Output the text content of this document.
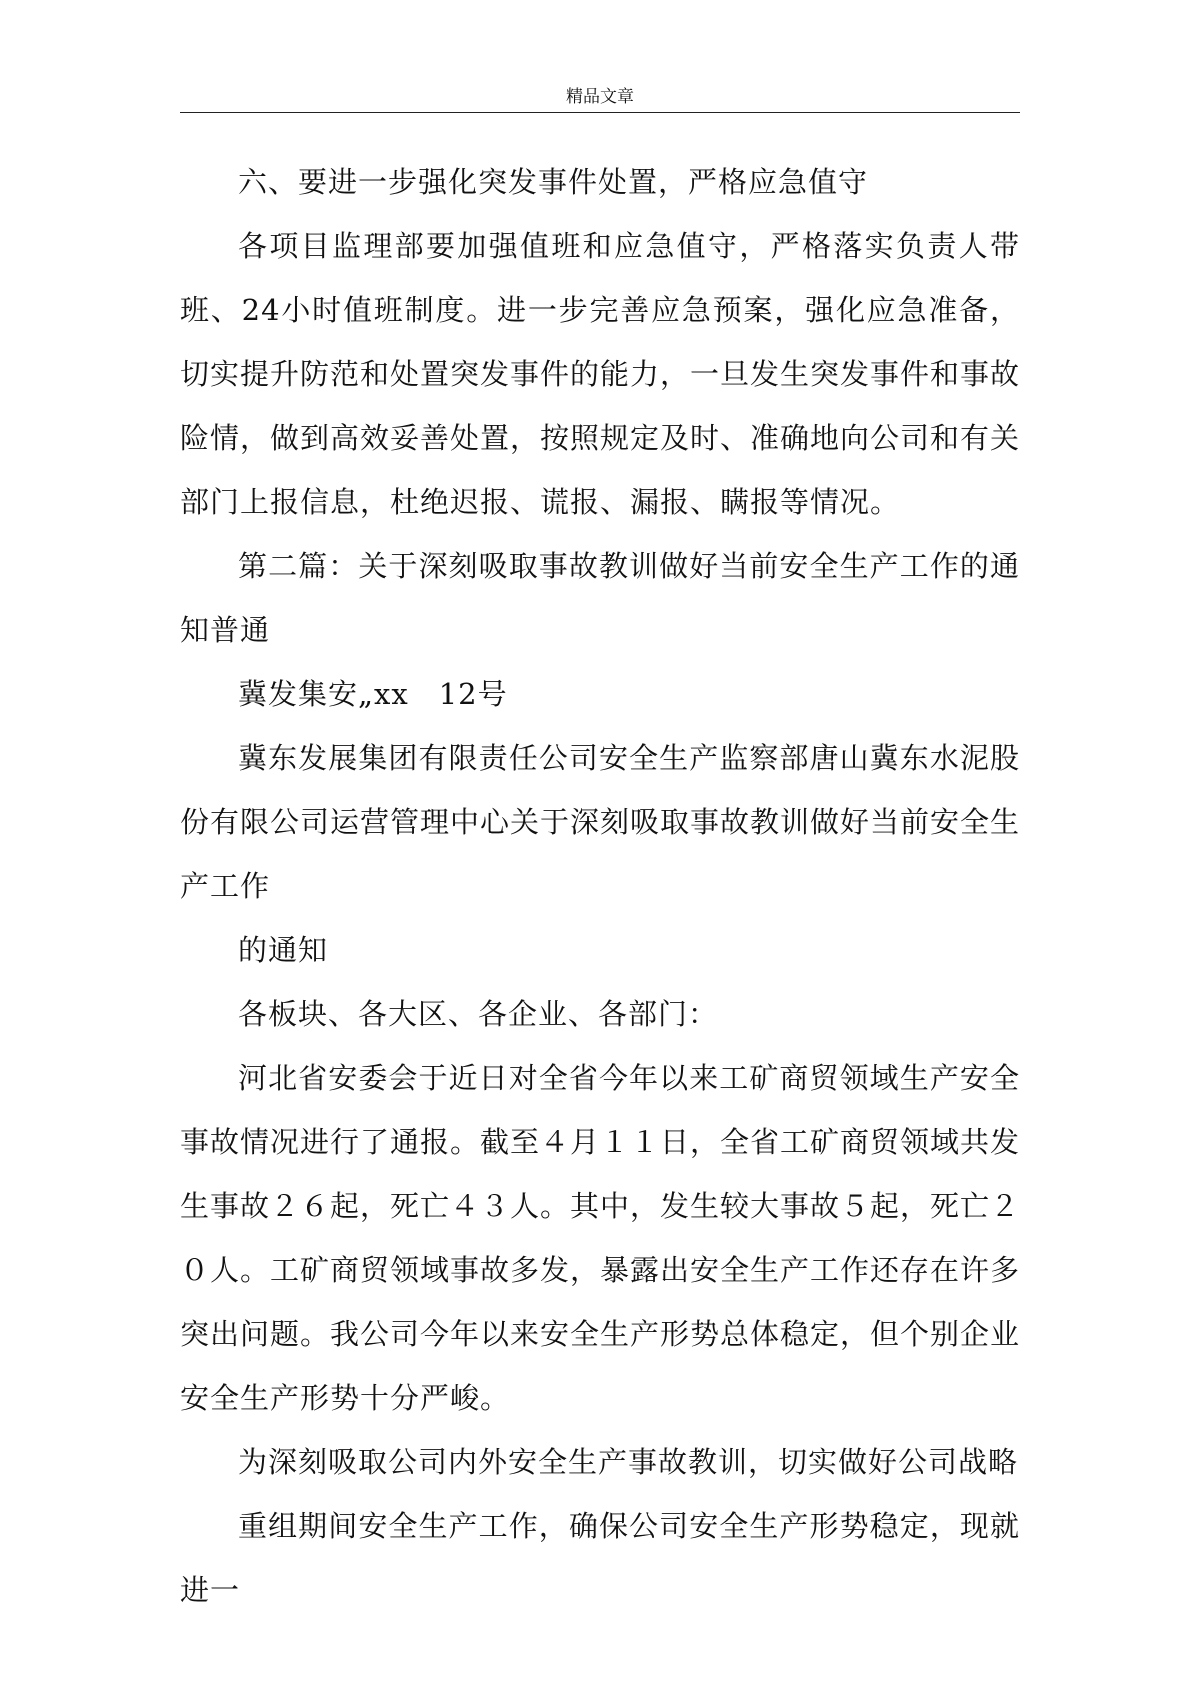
精品文章

六、要进一步强化突发事件处置，严格应急值守

各项目监理部要加强值班和应急值守，严格落实负责人带班、24小时值班制度。进一步完善应急预案，强化应急准备，切实提升防范和处置突发事件的能力，一旦发生突发事件和事故险情，做到高效妥善处置，按照规定及时、准确地向公司和有关部门上报信息，杜绝迟报、谎报、漏报、瞒报等情况。

第二篇：关于深刻吸取事故教训做好当前安全生产工作的通知普通

冀发集安„xx　12号

冀东发展集团有限责任公司安全生产监察部唐山冀东水泥股份有限公司运营管理中心关于深刻吸取事故教训做好当前安全生产工作

的通知

各板块、各大区、各企业、各部门：

河北省安委会于近日对全省今年以来工矿商贸领域生产安全事故情况进行了通报。截至４月１１日，全省工矿商贸领域共发生事故２６起，死亡４３人。其中，发生较大事故５起，死亡２０人。工矿商贸领域事故多发，暴露出安全生产工作还存在许多突出问题。我公司今年以来安全生产形势总体稳定，但个别企业安全生产形势十分严峻。

为深刻吸取公司内外安全生产事故教训，切实做好公司战略

重组期间安全生产工作，确保公司安全生产形势稳定，现就进一
